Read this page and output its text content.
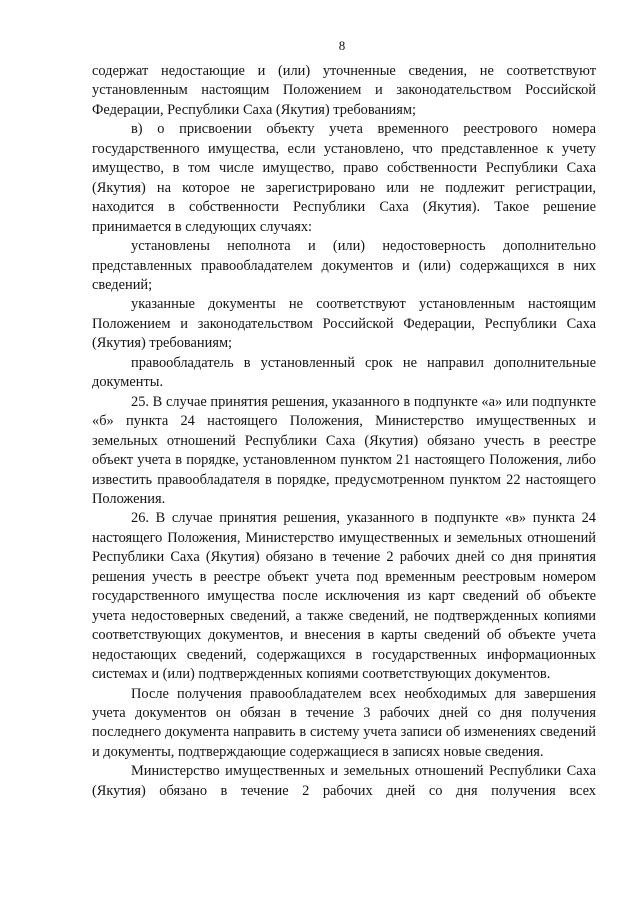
8

содержат недостающие и (или) уточненные сведения, не соответствуют установленным настоящим Положением и законодательством Российской Федерации, Республики Саха (Якутия) требованиям;

в) о присвоении объекту учета временного реестрового номера государственного имущества, если установлено, что представленное к учету имущество, в том числе имущество, право собственности Республики Саха (Якутия) на которое не зарегистрировано или не подлежит регистрации, находится в собственности Республики Саха (Якутия). Такое решение принимается в следующих случаях:

установлены неполнота и (или) недостоверность дополнительно представленных правообладателем документов и (или) содержащихся в них сведений;

указанные документы не соответствуют установленным настоящим Положением и законодательством Российской Федерации, Республики Саха (Якутия) требованиям;

правообладатель в установленный срок не направил дополнительные документы.

25. В случае принятия решения, указанного в подпункте «а» или подпункте «б» пункта 24 настоящего Положения, Министерство имущественных и земельных отношений Республики Саха (Якутия) обязано учесть в реестре объект учета в порядке, установленном пунктом 21 настоящего Положения, либо известить правообладателя в порядке, предусмотренном пунктом 22 настоящего Положения.

26. В случае принятия решения, указанного в подпункте «в» пункта 24 настоящего Положения, Министерство имущественных и земельных отношений Республики Саха (Якутия) обязано в течение 2 рабочих дней со дня принятия решения учесть в реестре объект учета под временным реестровым номером государственного имущества после исключения из карт сведений об объекте учета недостоверных сведений, а также сведений, не подтвержденных копиями соответствующих документов, и внесения в карты сведений об объекте учета недостающих сведений, содержащихся в государственных информационных системах и (или) подтвержденных копиями соответствующих документов.

После получения правообладателем всех необходимых для завершения учета документов он обязан в течение 3 рабочих дней со дня получения последнего документа направить в систему учета записи об изменениях сведений и документы, подтверждающие содержащиеся в записях новые сведения.

Министерство имущественных и земельных отношений Республики Саха (Якутия) обязано в течение 2 рабочих дней со дня получения всех
